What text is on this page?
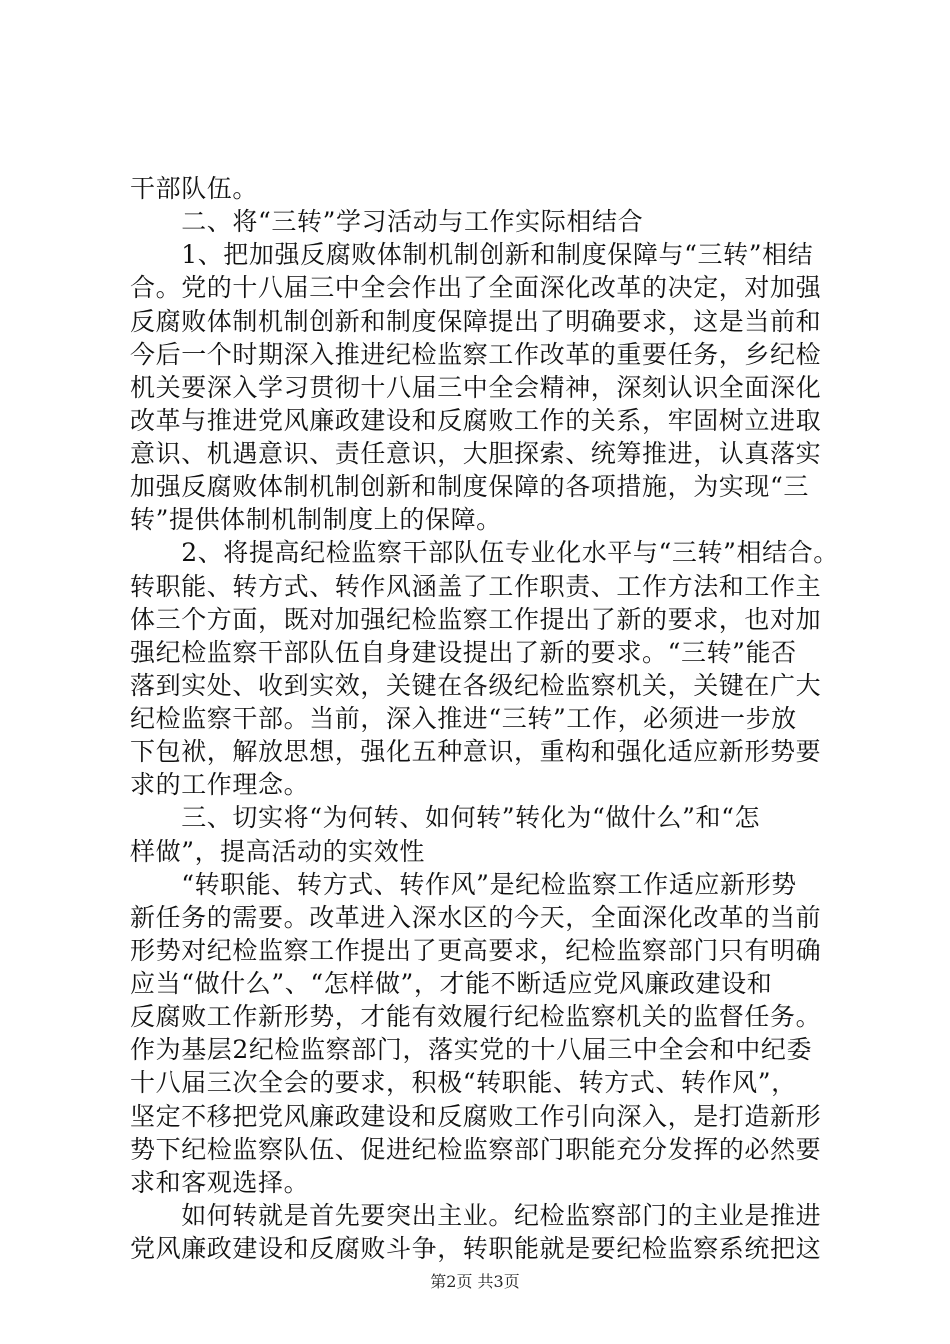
干部队伍。
　　二、将“三转”学习活动与工作实际相结合
　　1、把加强反腐败体制机制创新和制度保障与“三转”相结
合。党的十八届三中全会作出了全面深化改革的决定，对加强
反腐败体制机制创新和制度保障提出了明确要求，这是当前和
今后一个时期深入推进纪检监察工作改革的重要任务，乡纪检
机关要深入学习贯彻十八届三中全会精神，深刻认识全面深化
改革与推进党风廉政建设和反腐败工作的关系，牢固树立进取
意识、机遇意识、责任意识，大胆探索、统筹推进，认真落实
加强反腐败体制机制创新和制度保障的各项措施，为实现“三
转”提供体制机制制度上的保障。
　　2、将提高纪检监察干部队伍专业化水平与“三转”相结合。
转职能、转方式、转作风涵盖了工作职责、工作方法和工作主
体三个方面，既对加强纪检监察工作提出了新的要求，也对加
强纪检监察干部队伍自身建设提出了新的要求。“三转”能否
落到实处、收到实效，关键在各级纪检监察机关，关键在广大
纪检监察干部。当前，深入推进“三转”工作，必须进一步放
下包袱，解放思想，强化五种意识，重构和强化适应新形势要
求的工作理念。
　　三、切实将“为何转、如何转”转化为“做什么”和“怎
样做”，提高活动的实效性
　　“转职能、转方式、转作风”是纪检监察工作适应新形势
新任务的需要。改革进入深水区的今天，全面深化改革的当前
形势对纪检监察工作提出了更高要求，纪检监察部门只有明确
应当“做什么”、“怎样做”，才能不断适应党风廉政建设和
反腐败工作新形势，才能有效履行纪检监察机关的监督任务。
作为基层2纪检监察部门，落实党的十八届三中全会和中纪委
十八届三次全会的要求，积极“转职能、转方式、转作风”，
坚定不移把党风廉政建设和反腐败工作引向深入，是打造新形
势下纪检监察队伍、促进纪检监察部门职能充分发挥的必然要
求和客观选择。
　　如何转就是首先要突出主业。纪检监察部门的主业是推进
党风廉政建设和反腐败斗争，转职能就是要纪检监察系统把这
第2页 共3页
